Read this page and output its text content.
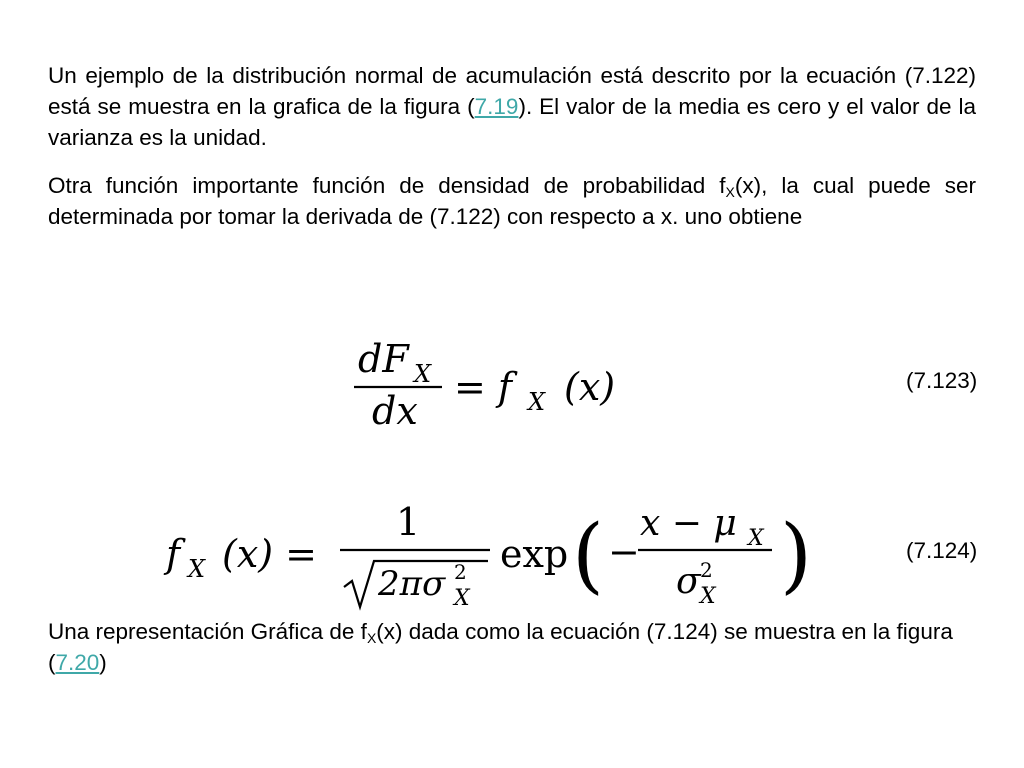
Un ejemplo de la distribución normal de acumulación está descrito por la ecuación (7.122) está se muestra en la grafica de la figura (7.19). El valor de la media es cero y el valor de la varianza es la unidad.

Otra función importante función de densidad de probabilidad $f_X(x)$, la cual puede ser determinada por tomar la derivada de (7.122) con respecto a x. uno obtiene

dF X
dx
= f X (x)	(7.123)
f X (x) =
1
2πσ 2
X
exp ( −
x − μ X
σ 2
X )	(7.124)

Una representación Gráfica de $f_X(x)$ dada como la ecuación (7.124) se muestra en la figura (7.20)
